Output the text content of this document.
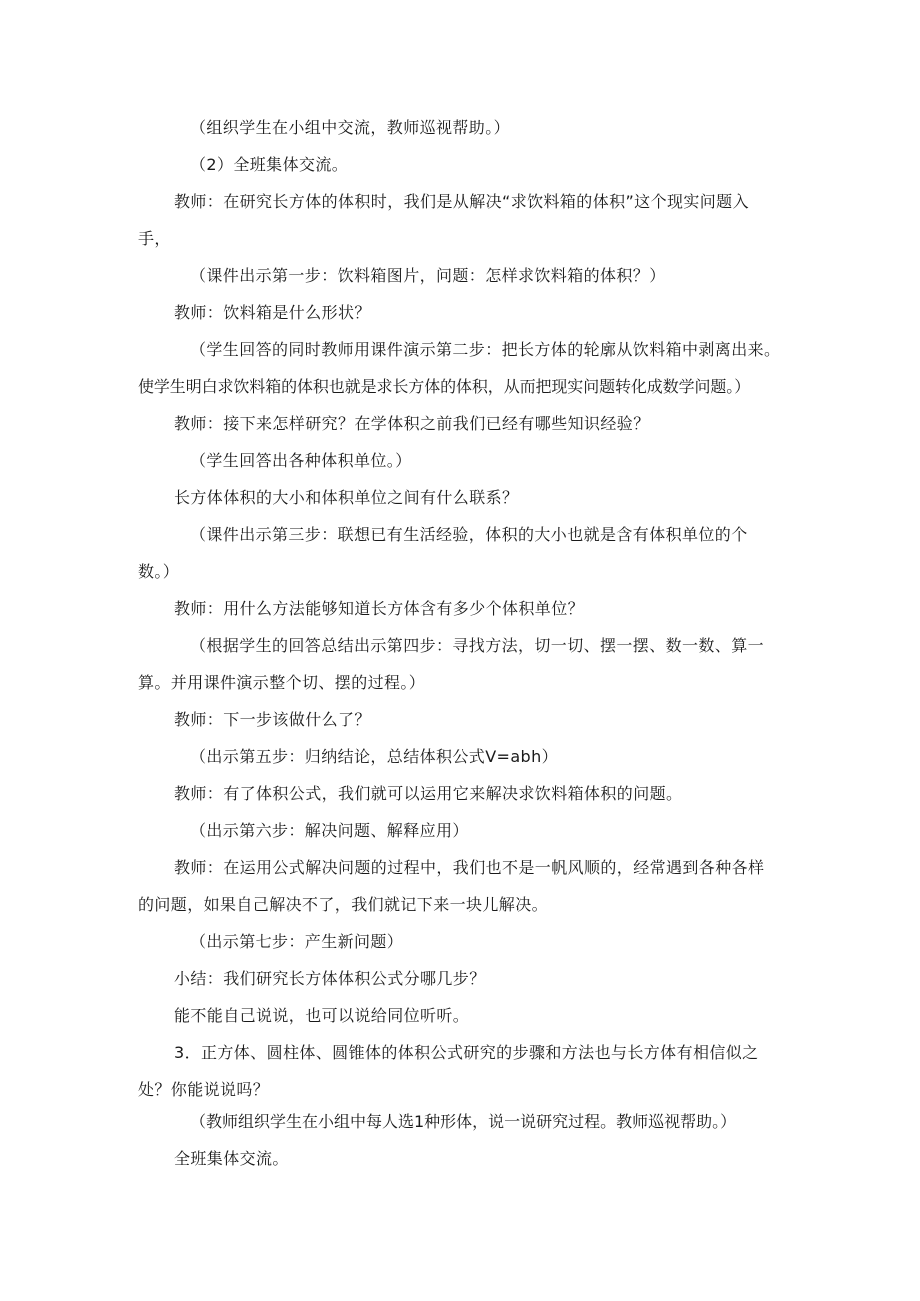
（组织学生在小组中交流，教师巡视帮助。）
（2）全班集体交流。
教师：在研究长方体的体积时，我们是从解决“求饮料箱的体积”这个现实问题入
手，
（课件出示第一步：饮料箱图片，问题：怎样求饮料箱的体积？）
教师：饮料箱是什么形状？
（学生回答的同时教师用课件演示第二步：把长方体的轮廓从饮料箱中剥离出来。
使学生明白求饮料箱的体积也就是求长方体的体积，从而把现实问题转化成数学问题。）
教师：接下来怎样研究？在学体积之前我们已经有哪些知识经验？
（学生回答出各种体积单位。）
长方体体积的大小和体积单位之间有什么联系？
（课件出示第三步：联想已有生活经验，体积的大小也就是含有体积单位的个
数。）
教师：用什么方法能够知道长方体含有多少个体积单位？
（根据学生的回答总结出示第四步：寻找方法，切一切、摆一摆、数一数、算一
算。并用课件演示整个切、摆的过程。）
教师：下一步该做什么了？
（出示第五步：归纳结论，总结体积公式V=abh）
教师：有了体积公式，我们就可以运用它来解决求饮料箱体积的问题。
（出示第六步：解决问题、解释应用）
教师：在运用公式解决问题的过程中，我们也不是一帆风顺的，经常遇到各种各样
的问题，如果自己解决不了，我们就记下来一块儿解决。
（出示第七步：产生新问题）
小结：我们研究长方体体积公式分哪几步？
能不能自己说说，也可以说给同位听听。
3．正方体、圆柱体、圆锥体的体积公式研究的步骤和方法也与长方体有相信似之
处？你能说说吗？
（教师组织学生在小组中每人选1种形体，说一说研究过程。教师巡视帮助。）
全班集体交流。
